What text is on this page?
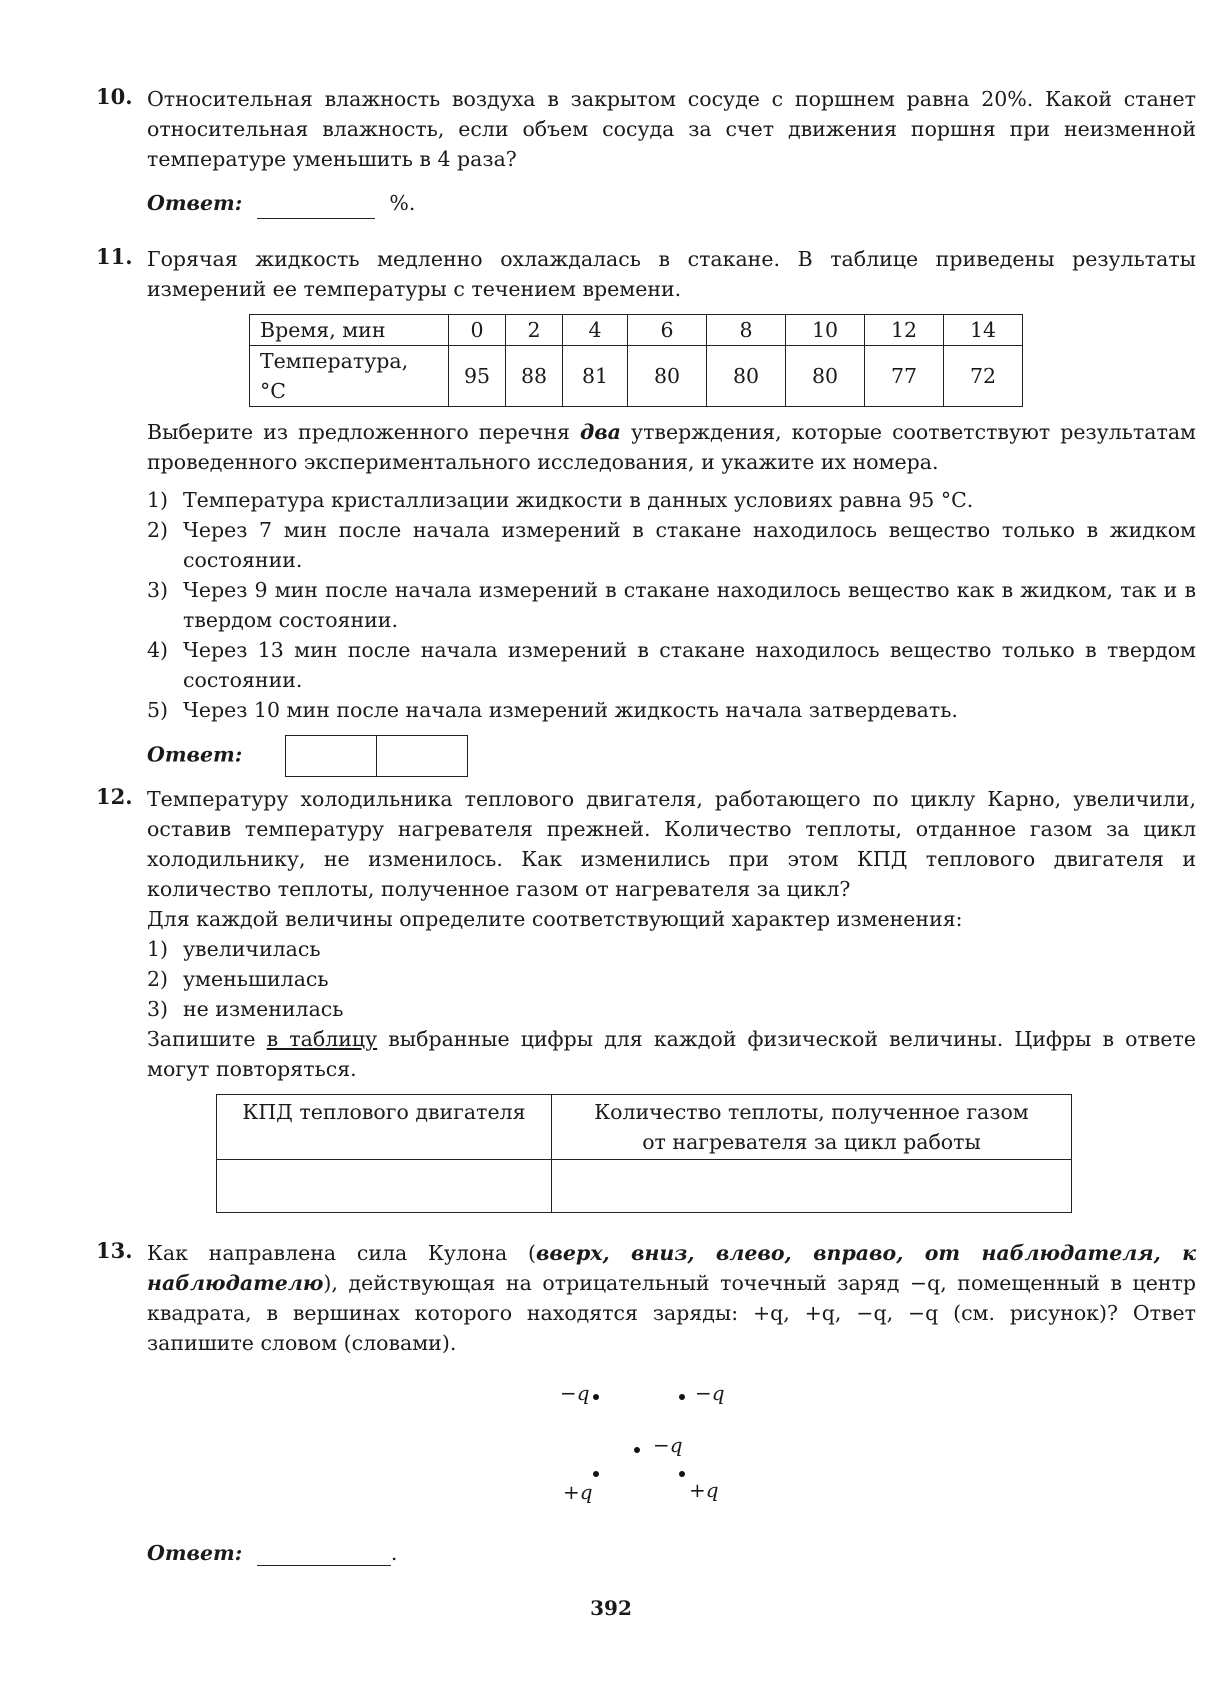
10. Относительная влажность воздуха в закрытом сосуде с поршнем равна 20%. Какой станет относительная влажность, если объем сосуда за счет движения поршня при неизменной температуре уменьшить в 4 раза?

Ответ:	%.
11. Горячая жидкость медленно охлаждалась в стакане. В таблице приведены результаты измерений ее температуры с течением времени.

Время, мин	0	2	4	6	8	10	12	14
Температура, °С	95	88	81	80	80	80	77	72

Выберите из предложенного перечня два утверждения, которые соответствуют результатам проведенного экспериментального исследования, и укажите их номера.

1) Температура кристаллизации жидкости в данных условиях равна 95 °С.
2) Через 7 мин после начала измерений в стакане находилось вещество только в жидком состоянии.
3) Через 9 мин после начала измерений в стакане находилось вещество как в жидком, так и в твердом состоянии.
4) Через 13 мин после начала измерений в стакане находилось вещество только в твердом состоянии.
5) Через 10 мин после начала измерений жидкость начала затвердевать.
Ответ:
12. Температуру холодильника теплового двигателя, работающего по циклу Карно, увеличили, оставив температуру нагревателя прежней. Количество теплоты, отданное газом за цикл холодильнику, не изменилось. Как изменились при этом КПД теплового двигателя и количество теплоты, полученное газом от нагревателя за цикл?

Для каждой величины определите соответствующий характер изменения:

1) увеличилась
2) уменьшилась
3) не изменилась

Запишите в таблицу выбранные цифры для каждой физической величины. Цифры в ответе могут повторяться.

КПД теплового двигателя	Количество теплоты, полученное газом от нагревателя за цикл работы

13. Как направлена сила Кулона (вверх, вниз, влево, вправо, от наблюдателя, к наблюдателю), действующая на отрицательный точечный заряд −q, помещенный в центр квадрата, в вершинах которого находятся заряды: +q, +q, −q, −q (см. рисунок)? Ответ запишите словом (словами).

−q	−q
−q
+q	+q
Ответ:	.
392
